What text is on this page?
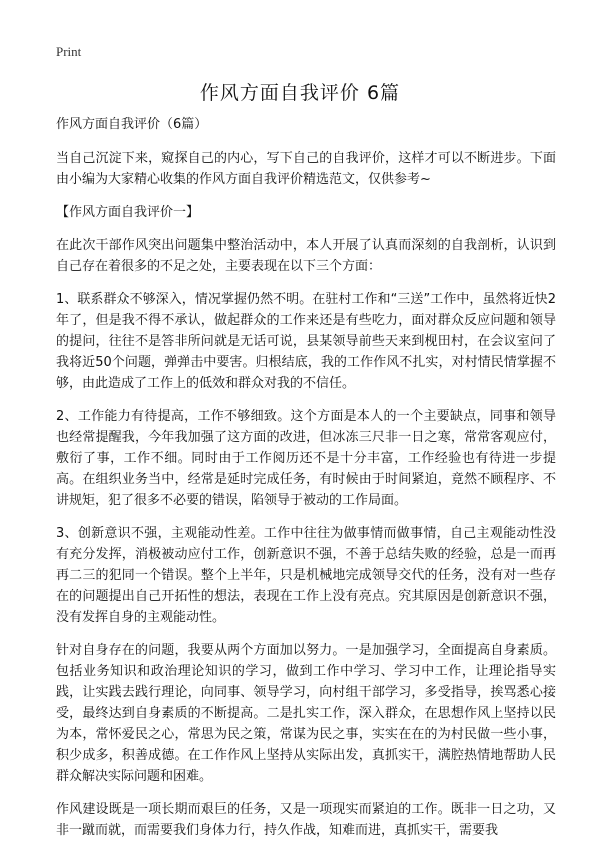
Print
作风方面自我评价 6篇

作风方面自我评价（6篇）

当自己沉淀下来，窥探自己的内心，写下自己的自我评价，这样才可以不断进步。下面由小编为大家精心收集的作风方面自我评价精选范文，仅供参考~

【作风方面自我评价一】

在此次干部作风突出问题集中整治活动中，本人开展了认真而深刻的自我剖析，认识到自己存在着很多的不足之处，主要表现在以下三个方面：

1、联系群众不够深入，情况掌握仍然不明。在驻村工作和“三送”工作中，虽然将近快2年了，但是我不得不承认，做起群众的工作来还是有些吃力，面对群众反应问题和领导的提问，往往不是答非所问就是无话可说，县某领导前些天来到枧田村，在会议室问了我将近50个问题，弹弹击中要害。归根结底，我的工作作风不扎实，对村情民情掌握不够，由此造成了工作上的低效和群众对我的不信任。

2、工作能力有待提高，工作不够细致。这个方面是本人的一个主要缺点，同事和领导也经常提醒我，今年我加强了这方面的改进，但冰冻三尺非一日之寒，常常客观应付，敷衍了事，工作不细。同时由于工作阅历还不是十分丰富，工作经验也有待进一步提高。在组织业务当中，经常是延时完成任务，有时候由于时间紧迫，竟然不顾程序、不讲规矩，犯了很多不必要的错误，陷领导于被动的工作局面。

3、创新意识不强，主观能动性差。工作中往往为做事情而做事情，自己主观能动性没有充分发挥，消极被动应付工作，创新意识不强，不善于总结失败的经验，总是一而再再二三的犯同一个错误。整个上半年，只是机械地完成领导交代的任务，没有对一些存在的问题提出自己开拓性的想法，表现在工作上没有亮点。究其原因是创新意识不强，没有发挥自身的主观能动性。

针对自身存在的问题，我要从两个方面加以努力。一是加强学习，全面提高自身素质。包括业务知识和政治理论知识的学习，做到工作中学习、学习中工作，让理论指导实践，让实践去践行理论，向同事、领导学习，向村组干部学习，多受指导，挨骂悉心接受，最终达到自身素质的不断提高。二是扎实工作，深入群众，在思想作风上坚持以民为本，常怀爱民之心，常思为民之策，常谋为民之事，实实在在的为村民做一些小事，积少成多，积善成德。在工作作风上坚持从实际出发，真抓实干，满腔热情地帮助人民群众解决实际问题和困难。

作风建设既是一项长期而艰巨的任务，又是一项现实而紧迫的工作。既非一日之功，又非一蹴而就，而需要我们身体力行，持久作战，知难而进，真抓实干，需要我
